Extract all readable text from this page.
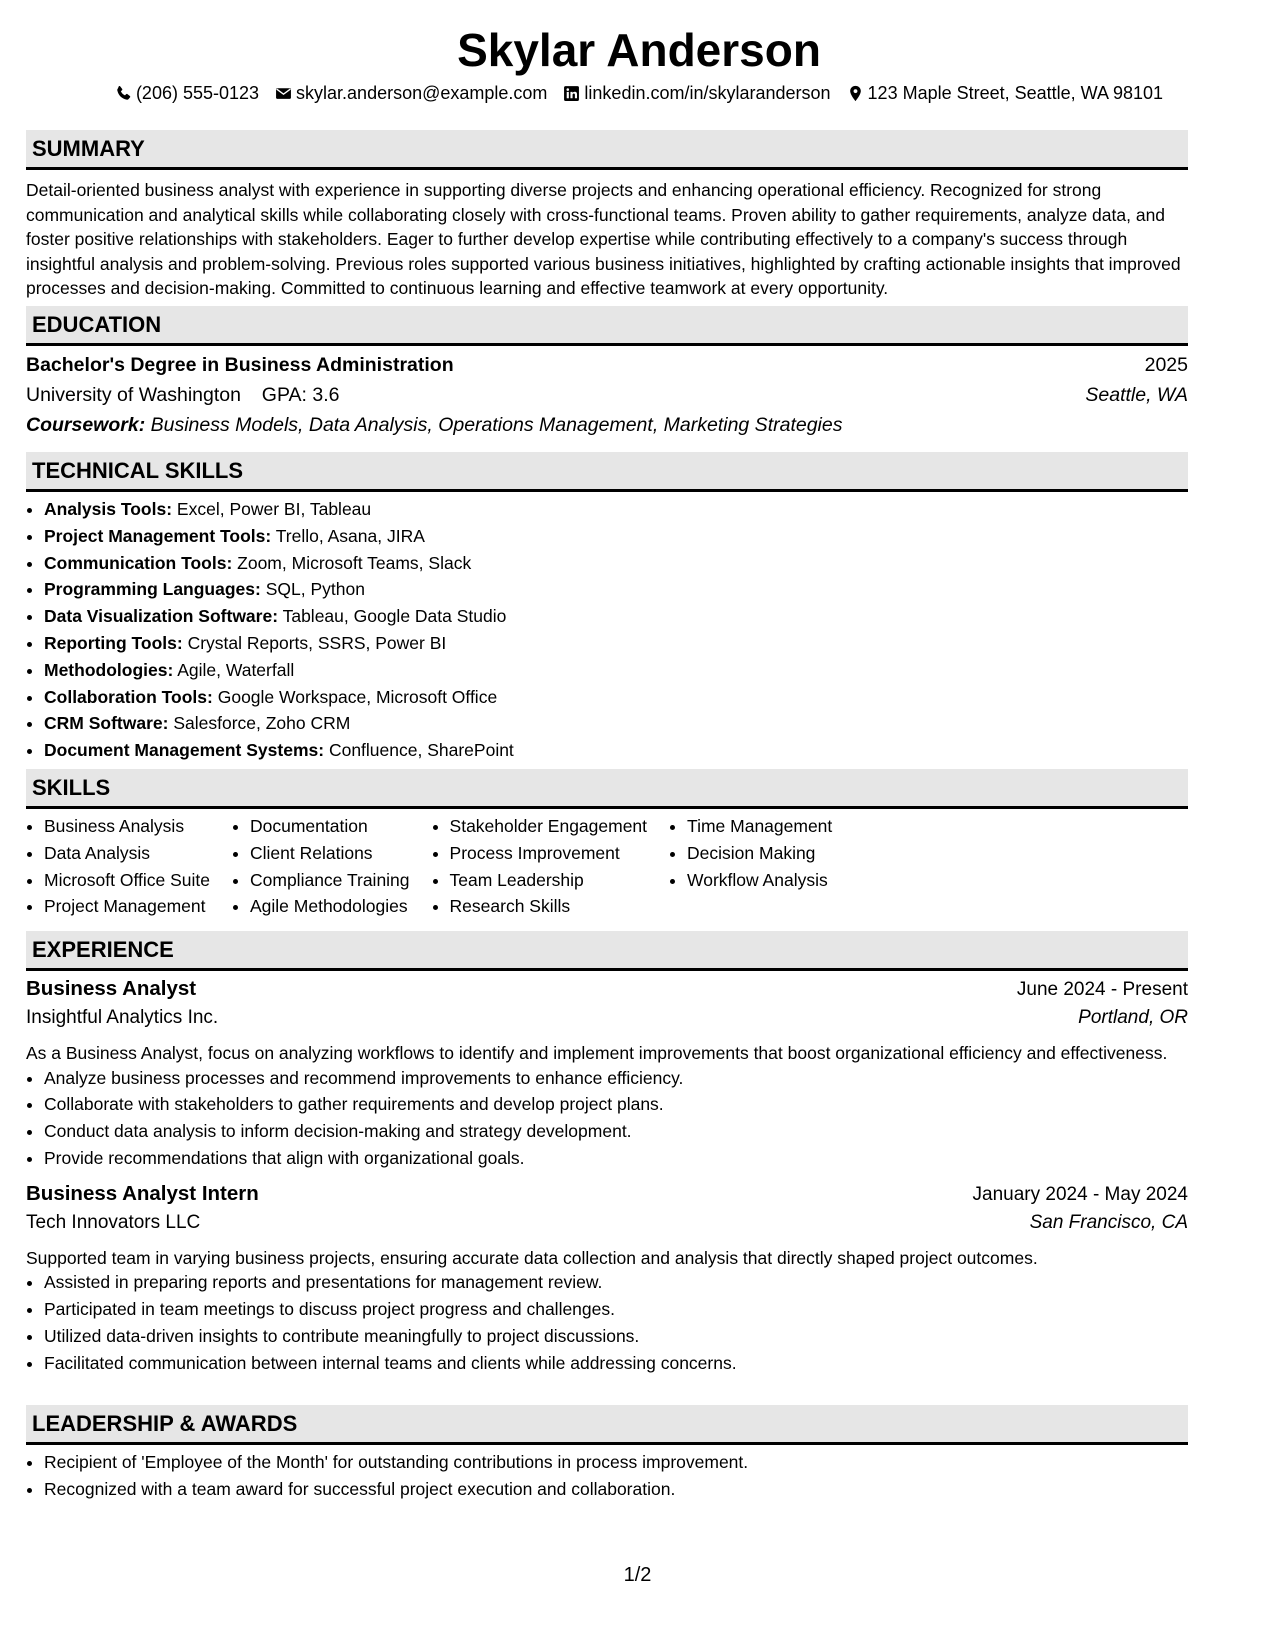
Skylar Anderson
(206) 555-0123 skylar.anderson@example.com linkedin.com/in/skylaranderson 123 Maple Street, Seattle, WA 98101
SUMMARY

Detail-oriented business analyst with experience in supporting diverse projects and enhancing operational efficiency. Recognized for strong communication and analytical skills while collaborating closely with cross-functional teams. Proven ability to gather requirements, analyze data, and foster positive relationships with stakeholders. Eager to further develop expertise while contributing effectively to a company's success through insightful analysis and problem-solving. Previous roles supported various business initiatives, highlighted by crafting actionable insights that improved processes and decision-making. Committed to continuous learning and effective teamwork at every opportunity.

EDUCATION
Bachelor's Degree in Business Administration	2025
University of Washington GPA: 3.6	Seattle, WA
Coursework: Business Models, Data Analysis, Operations Management, Marketing Strategies
TECHNICAL SKILLS
• Analysis Tools: Excel, Power BI, Tableau
• Project Management Tools: Trello, Asana, JIRA
• Communication Tools: Zoom, Microsoft Teams, Slack
• Programming Languages: SQL, Python
• Data Visualization Software: Tableau, Google Data Studio
• Reporting Tools: Crystal Reports, SSRS, Power BI
• Methodologies: Agile, Waterfall
• Collaboration Tools: Google Workspace, Microsoft Office
• CRM Software: Salesforce, Zoho CRM
• Document Management Systems: Confluence, SharePoint
SKILLS
• Business Analysis
• Data Analysis
• Microsoft Office Suite
• Project Management
• Documentation
• Client Relations
• Compliance Training
• Agile Methodologies
• Stakeholder Engagement
• Process Improvement
• Team Leadership
• Research Skills
• Time Management
• Decision Making
• Workflow Analysis
EXPERIENCE
Business Analyst	June 2024 - Present
Insightful Analytics Inc.	Portland, OR

As a Business Analyst, focus on analyzing workflows to identify and implement improvements that boost organizational efficiency and effectiveness.

• Analyze business processes and recommend improvements to enhance efficiency.
• Collaborate with stakeholders to gather requirements and develop project plans.
• Conduct data analysis to inform decision-making and strategy development.
• Provide recommendations that align with organizational goals.
Business Analyst Intern	January 2024 - May 2024
Tech Innovators LLC	San Francisco, CA

Supported team in varying business projects, ensuring accurate data collection and analysis that directly shaped project outcomes.

• Assisted in preparing reports and presentations for management review.
• Participated in team meetings to discuss project progress and challenges.
• Utilized data-driven insights to contribute meaningfully to project discussions.
• Facilitated communication between internal teams and clients while addressing concerns.
LEADERSHIP & AWARDS
• Recipient of 'Employee of the Month' for outstanding contributions in process improvement.
• Recognized with a team award for successful project execution and collaboration.
1/2
